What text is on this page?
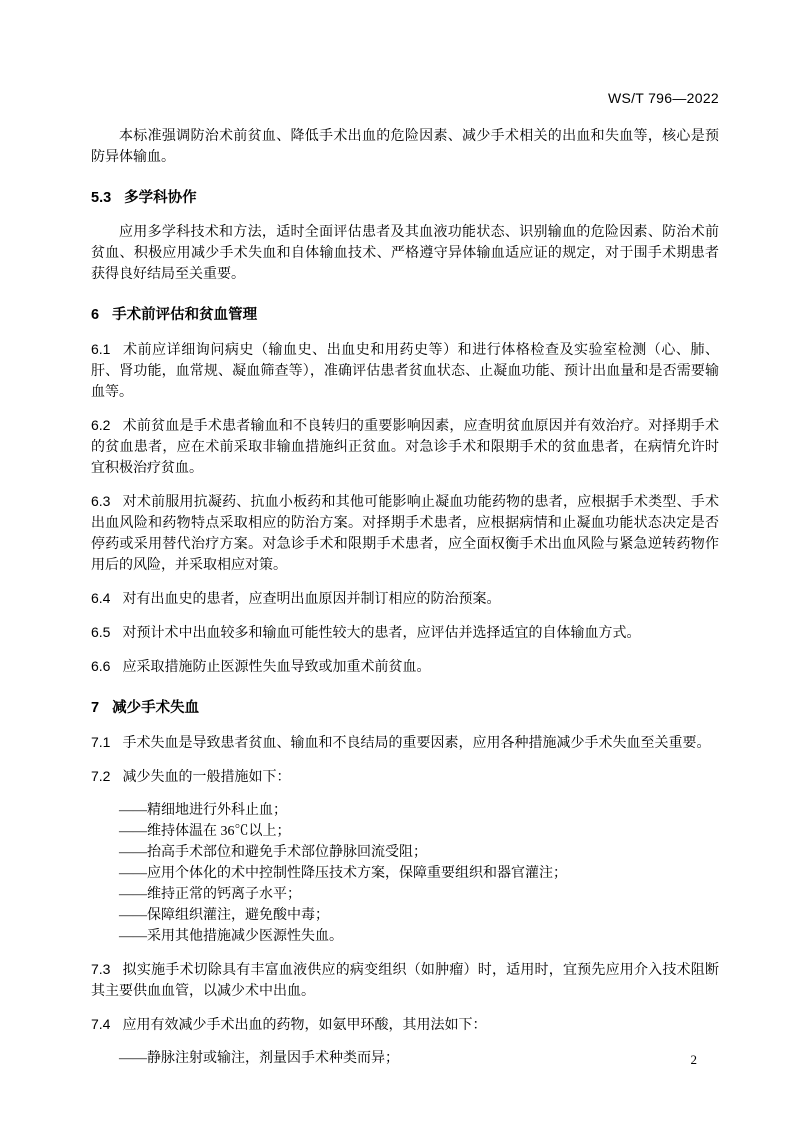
WS/T 796—2022

本标准强调防治术前贫血、降低手术出血的危险因素、减少手术相关的出血和失血等，核心是预防异体输血。

5.3 多学科协作

应用多学科技术和方法，适时全面评估患者及其血液功能状态、识别输血的危险因素、防治术前贫血、积极应用减少手术失血和自体输血技术、严格遵守异体输血适应证的规定，对于围手术期患者获得良好结局至关重要。

6 手术前评估和贫血管理

6.1 术前应详细询问病史（输血史、出血史和用药史等）和进行体格检查及实验室检测（心、肺、肝、肾功能，血常规、凝血筛查等），准确评估患者贫血状态、止凝血功能、预计出血量和是否需要输血等。

6.2 术前贫血是手术患者输血和不良转归的重要影响因素，应查明贫血原因并有效治疗。对择期手术的贫血患者，应在术前采取非输血措施纠正贫血。对急诊手术和限期手术的贫血患者，在病情允许时宜积极治疗贫血。

6.3 对术前服用抗凝药、抗血小板药和其他可能影响止凝血功能药物的患者，应根据手术类型、手术出血风险和药物特点采取相应的防治方案。对择期手术患者，应根据病情和止凝血功能状态决定是否停药或采用替代治疗方案。对急诊手术和限期手术患者，应全面权衡手术出血风险与紧急逆转药物作用后的风险，并采取相应对策。

6.4 对有出血史的患者，应查明出血原因并制订相应的防治预案。

6.5 对预计术中出血较多和输血可能性较大的患者，应评估并选择适宜的自体输血方式。

6.6 应采取措施防止医源性失血导致或加重术前贫血。

7 减少手术失血

7.1 手术失血是导致患者贫血、输血和不良结局的重要因素，应用各种措施减少手术失血至关重要。

7.2 减少失血的一般措施如下：

——精细地进行外科止血；

——维持体温在 36℃以上；

——抬高手术部位和避免手术部位静脉回流受阻；

——应用个体化的术中控制性降压技术方案，保障重要组织和器官灌注；

——维持正常的钙离子水平；

——保障组织灌注，避免酸中毒；

——采用其他措施减少医源性失血。

7.3 拟实施手术切除具有丰富血液供应的病变组织（如肿瘤）时，适用时，宜预先应用介入技术阻断其主要供血血管，以减少术中出血。

7.4 应用有效减少手术出血的药物，如氨甲环酸，其用法如下：

——静脉注射或输注，剂量因手术种类而异；	2
